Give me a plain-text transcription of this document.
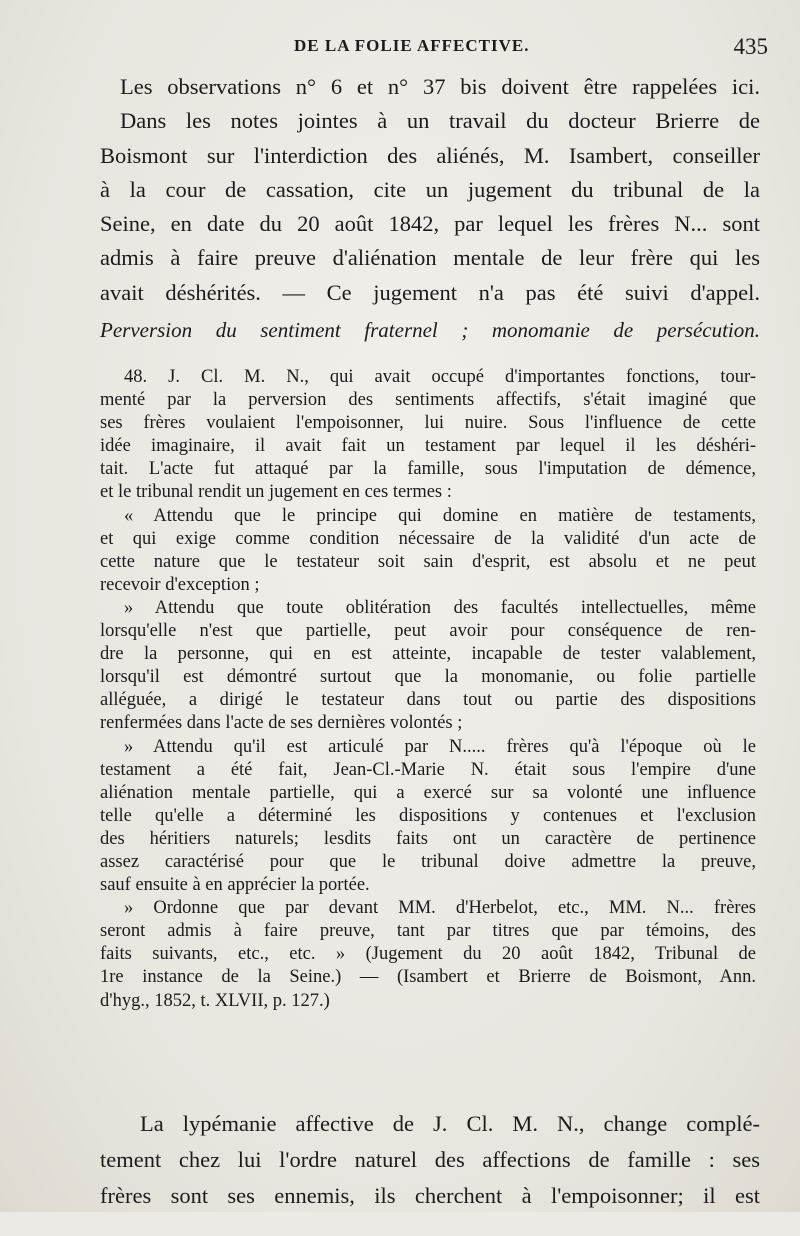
DE LA FOLIE AFFECTIVE.	435

Les observations n° 6 et n° 37 bis doivent être rappelées ici.

Dans les notes jointes à un travail du docteur Brierre de
Boismont sur l'interdiction des aliénés, M. Isambert, conseiller
à la cour de cassation, cite un jugement du tribunal de la
Seine, en date du 20 août 1842, par lequel les frères N... sont
admis à faire preuve d'aliénation mentale de leur frère qui les
avait déshérités. — Ce jugement n'a pas été suivi d'appel.

Perversion du sentiment fraternel ; monomanie de persécution.

48. J. Cl. M. N., qui avait occupé d'importantes fonctions, tour-
menté par la perversion des sentiments affectifs, s'était imaginé que
ses frères voulaient l'empoisonner, lui nuire. Sous l'influence de cette
idée imaginaire, il avait fait un testament par lequel il les déshéri-
tait. L'acte fut attaqué par la famille, sous l'imputation de démence,
et le tribunal rendit un jugement en ces termes :

« Attendu que le principe qui domine en matière de testaments,
et qui exige comme condition nécessaire de la validité d'un acte de
cette nature que le testateur soit sain d'esprit, est absolu et ne peut
recevoir d'exception ;

» Attendu que toute oblitération des facultés intellectuelles, même
lorsqu'elle n'est que partielle, peut avoir pour conséquence de ren-
dre la personne, qui en est atteinte, incapable de tester valablement,
lorsqu'il est démontré surtout que la monomanie, ou folie partielle
alléguée, a dirigé le testateur dans tout ou partie des dispositions
renfermées dans l'acte de ses dernières volontés ;

» Attendu qu'il est articulé par N..... frères qu'à l'époque où le
testament a été fait, Jean-Cl.-Marie N. était sous l'empire d'une
aliénation mentale partielle, qui a exercé sur sa volonté une influence
telle qu'elle a déterminé les dispositions y contenues et l'exclusion
des héritiers naturels; lesdits faits ont un caractère de pertinence
assez caractérisé pour que le tribunal doive admettre la preuve,
sauf ensuite à en apprécier la portée.

» Ordonne que par devant MM. d'Herbelot, etc., MM. N... frères
seront admis à faire preuve, tant par titres que par témoins, des
faits suivants, etc., etc. » (Jugement du 20 août 1842, Tribunal de
1re instance de la Seine.) — (Isambert et Brierre de Boismont, Ann.
d'hyg., 1852, t. XLVII, p. 127.)

La lypémanie affective de J. Cl. M. N., change complé-
tement chez lui l'ordre naturel des affections de famille : ses
frères sont ses ennemis, ils cherchent à l'empoisonner; il est
